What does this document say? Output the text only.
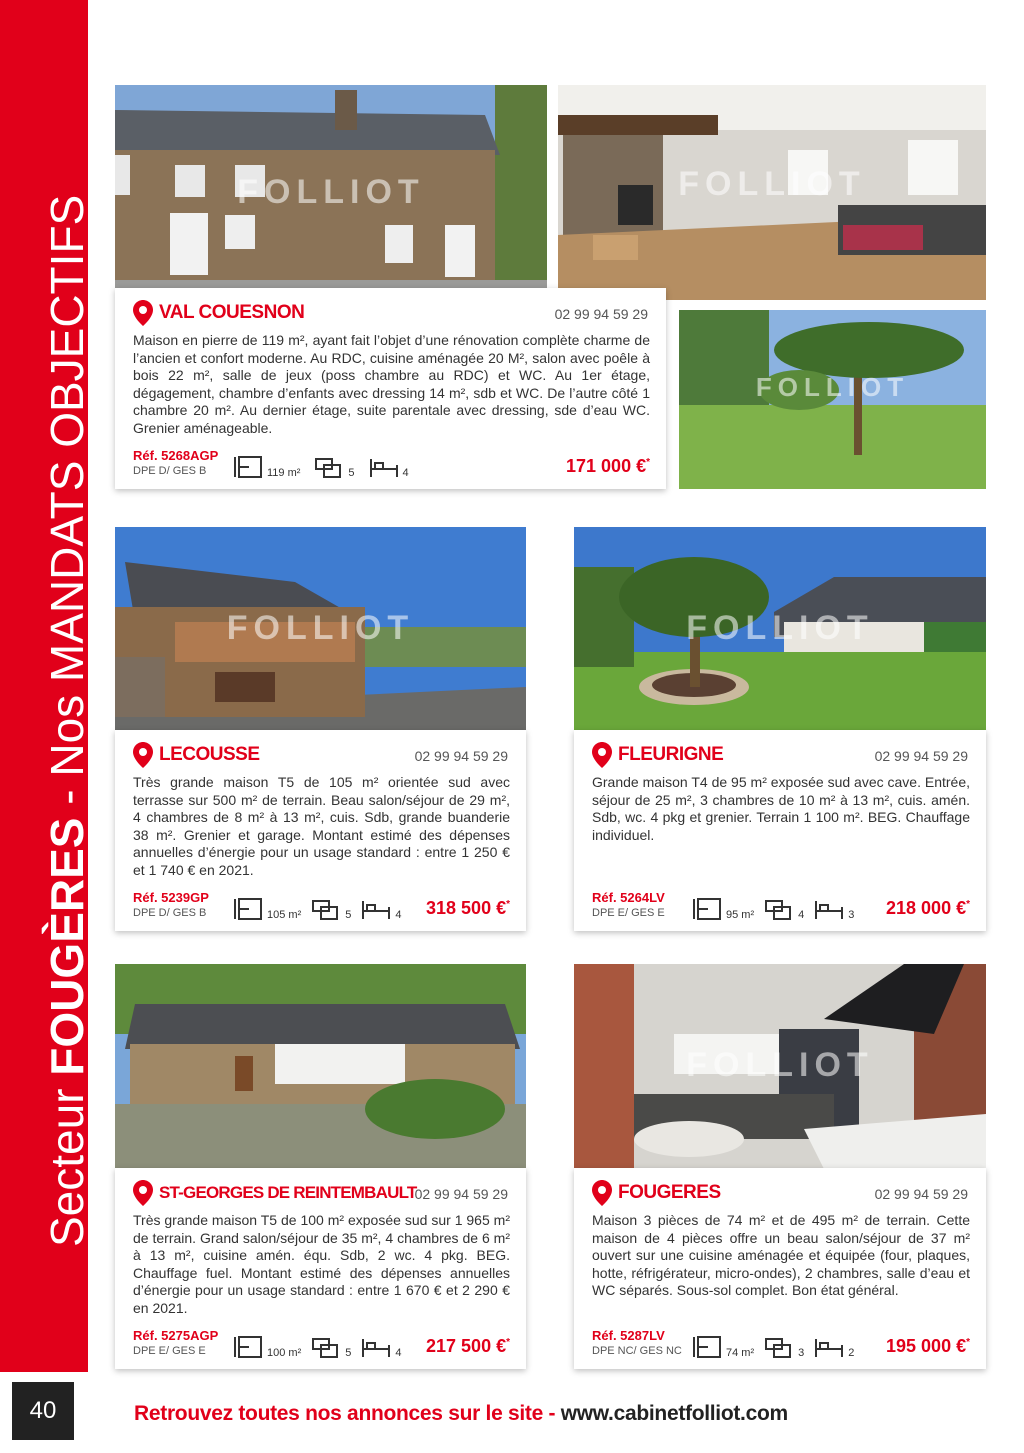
Secteur FOUGÈRES - Nos MANDATS OBJECTIFS
40
FOLLIOT	FOLLIOT
FOLLIOT
VAL COUESNON	02 99 94 59 29
Maison en pierre de 119 m², ayant fait l’objet d’une rénovation complète charme de l’ancien et confort moderne. Au RDC, cuisine aménagée 20 M², salon avec poêle à bois 22 m², salle de jeux (poss chambre au RDC) et WC. Au 1er étage, dégagement, chambre d’enfants avec dressing 14 m², sdb et WC. De l’autre côté 1 chambre 20 m². Au dernier étage, suite parentale avec dressing, sde d’eau WC. Grenier aménageable.
Réf. 5268AGP
DPE D/ GES B	119 m²	5	4	171 000 €*
FOLLIOT
LECOUSSE	02 99 94 59 29
Très grande maison T5 de 105 m² orientée sud avec terrasse sur 500 m² de terrain. Beau salon/séjour de 29 m², 4 chambres de 8 m² à 13 m², cuis. Sdb, grande buanderie 38 m². Grenier et garage. Montant estimé des dépenses annuelles d’énergie pour un usage standard : entre 1 250 € et 1 740 € en 2021.
Réf. 5239GP
DPE D/ GES B	105 m²	5	4 318 500 €*
FOLLIOT
FLEURIGNE	02 99 94 59 29
Grande maison T4 de 95 m² exposée sud avec cave. Entrée, séjour de 25 m², 3 chambres de 10 m² à 13 m², cuis. amén. Sdb, wc. 4 pkg et grenier. Terrain 1 100 m². BEG. Chauffage individuel.
Réf. 5264LV
DPE E/ GES E	95 m²	4	3 218 000 €*
ST-GEORGES DE REINTEMBAULT
02 99 94 59 29
Très grande maison T5 de 100 m² exposée sud sur 1 965 m² de terrain. Grand salon/séjour de 35 m², 4 chambres de 6 m² à 13 m², cuisine amén. équ. Sdb, 2 wc. 4 pkg. BEG. Chauffage fuel. Montant estimé des dépenses annuelles d’énergie pour un usage standard : entre 1 670 € et 2 290 € en 2021.
Réf. 5275AGP
DPE E/ GES E	100 m²	5	4 217 500 €*
FOLLIOT
FOUGERES	02 99 94 59 29
Maison 3 pièces de 74 m² et de 495 m² de terrain. Cette maison de 4 pièces offre un beau salon/séjour de 37 m² ouvert sur une cuisine aménagée et équipée (four, plaques, hotte, réfrigérateur, micro-ondes), 2 chambres, salle d’eau et WC séparés. Sous-sol complet. Bon état général.
Réf. 5287LV
DPE NC/ GES NC	74 m²	3	2 195 000 €*
Retrouvez toutes nos annonces sur le site - www.cabinetfolliot.com
